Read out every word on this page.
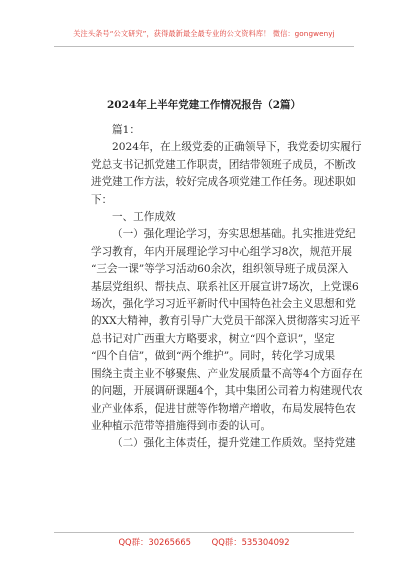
关注头条号“公文研究”，获得最新最全最专业的公文资料库！ 微信：gongwenyj
2024年上半年党建工作情况报告（2篇）
篇1：
2024年，在上级党委的正确领导下，我党委切实履行
党总支书记抓党建工作职责，团结带领班子成员，不断改
进党建工作方法，较好完成各项党建工作任务。现述职如
下：
一、工作成效
（一）强化理论学习，夯实思想基础。扎实推进党纪
学习教育，年内开展理论学习中心组学习8次，规范开展
“三会一课”等学习活动60余次，组织领导班子成员深入
基层党组织、帮扶点、联系社区开展宣讲7场次，上党课6
场次，强化学习习近平新时代中国特色社会主义思想和党
的XX大精神，教育引导广大党员干部深入贯彻落实习近平
总书记对广西重大方略要求，树立“四个意识”，坚定
“四个自信”，做到“两个维护”。同时，转化学习成果
围绕主责主业不够聚焦、产业发展质量不高等4个方面存在
的问题，开展调研课题4个，其中集团公司着力构建现代农
业产业体系，促进甘蔗等作物增产增收，布局发展特色农
业种植示范带等措施得到市委的认可。
（二）强化主体责任，提升党建工作质效。坚持党建
QQ群：30265665 QQ群：535304092
